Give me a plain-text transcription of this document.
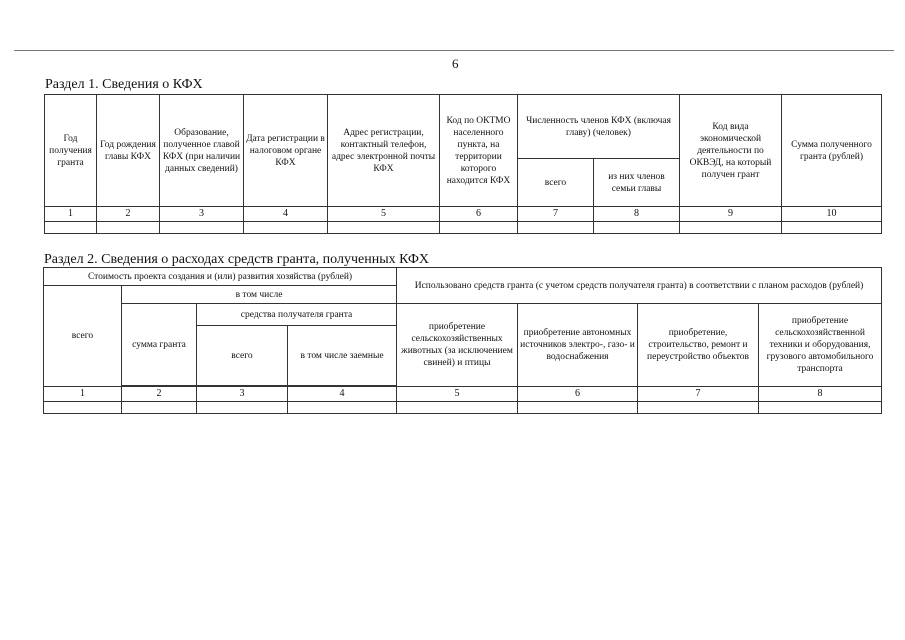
6
Раздел 1. Сведения о КФХ
Год получения гранта	Год рождения главы КФХ	Образование, полученное главой КФХ (при наличии данных сведений)	Дата регистрации в налоговом органе КФХ	Адрес регистрации, контактный телефон, адрес электронной почты КФХ	Код по ОКТМО населенного пункта, на территории которого находится КФХ	Численность членов КФХ (включая главу) (человек)		Код вида экономической деятельности по ОКВЭД, на который получен грант	Сумма полученного гранта (рублей)
						всего	из них членов семьи главы		
1	2	3	4	5	6	7	8	9	10

Раздел 2. Сведения о расходах средств гранта, полученных КФХ
Стоимость проекта создания и (или) развития хозяйства (рублей)				Использовано средств гранта (с учетом средств получателя гранта) в соответствии с планом расходов (рублей)			
всего	в том числе						
	сумма гранта	средства получателя гранта		приобретение сельскохозяйственных животных (за исключением свиней) и птицы	приобретение автономных источников электро-, газо- и водоснабжения	приобретение, строительство, ремонт и переустройство объектов	приобретение сельскохозяйственной техники и оборудования, грузового автомобильного транспорта
		всего	в том числе заемные				

1	2	3	4	5	6	7	8
